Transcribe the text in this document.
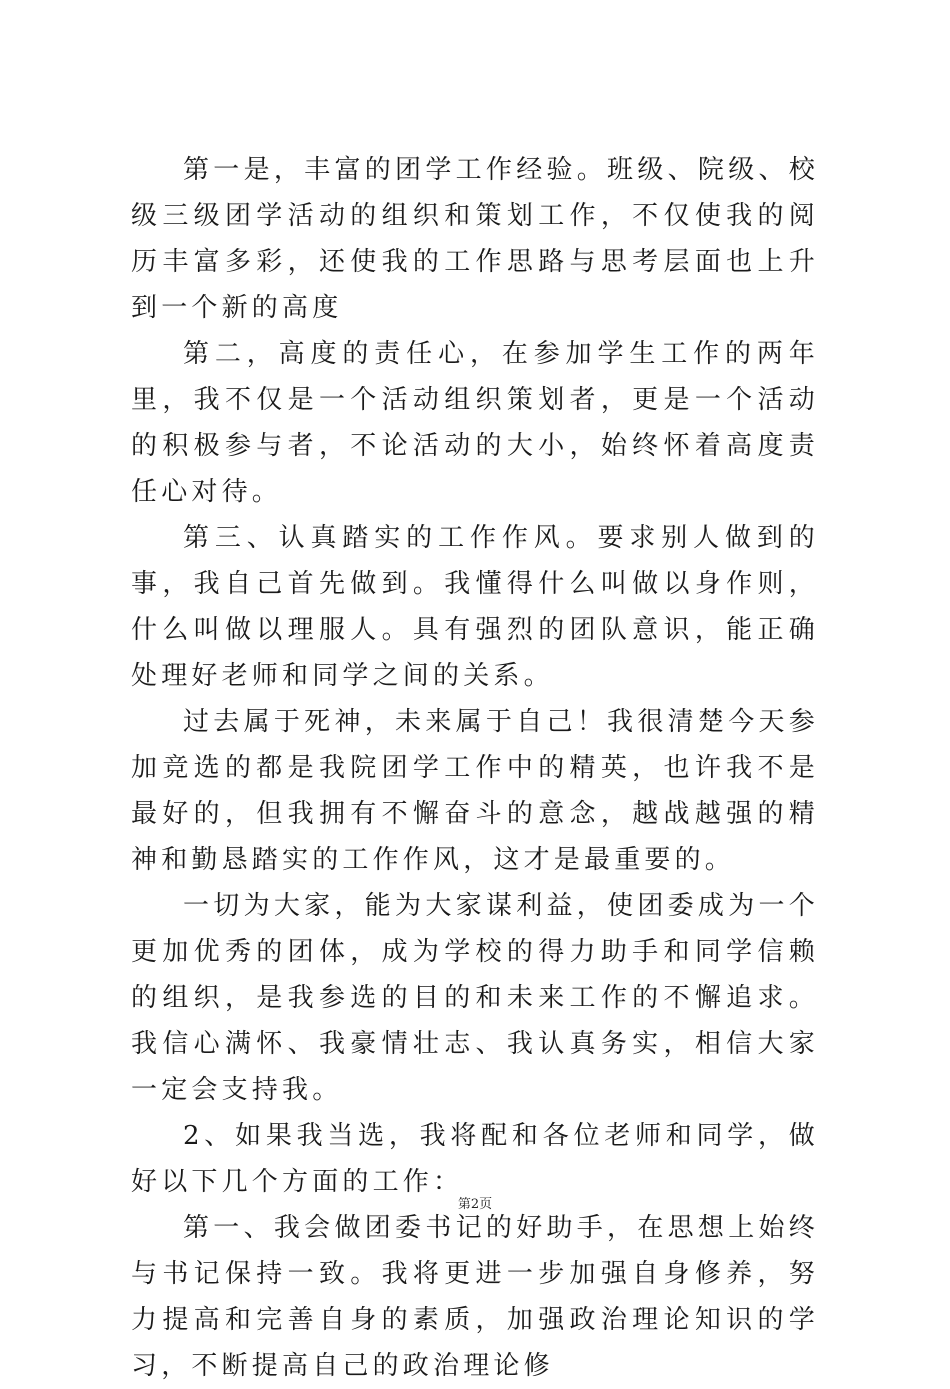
第一是，丰富的团学工作经验。班级、院级、校级三级团学活动的组织和策划工作，不仅使我的阅历丰富多彩，还使我的工作思路与思考层面也上升到一个新的高度

第二，高度的责任心，在参加学生工作的两年里，我不仅是一个活动组织策划者，更是一个活动的积极参与者，不论活动的大小，始终怀着高度责任心对待。

第三、认真踏实的工作作风。要求别人做到的事，我自己首先做到。我懂得什么叫做以身作则，什么叫做以理服人。具有强烈的团队意识，能正确处理好老师和同学之间的关系。

过去属于死神，未来属于自己！我很清楚今天参加竞选的都是我院团学工作中的精英，也许我不是最好的，但我拥有不懈奋斗的意念，越战越强的精神和勤恳踏实的工作作风，这才是最重要的。

一切为大家，能为大家谋利益，使团委成为一个更加优秀的团体，成为学校的得力助手和同学信赖的组织，是我参选的目的和未来工作的不懈追求。我信心满怀、我豪情壮志、我认真务实，相信大家一定会支持我。

2、如果我当选，我将配和各位老师和同学，做好以下几个方面的工作：

第一、我会做团委书记的好助手，在思想上始终与书记保持一致。我将更进一步加强自身修养，努力提高和完善自身的素质，加强政治理论知识的学习，不断提高自己的政治理论修

第2页
